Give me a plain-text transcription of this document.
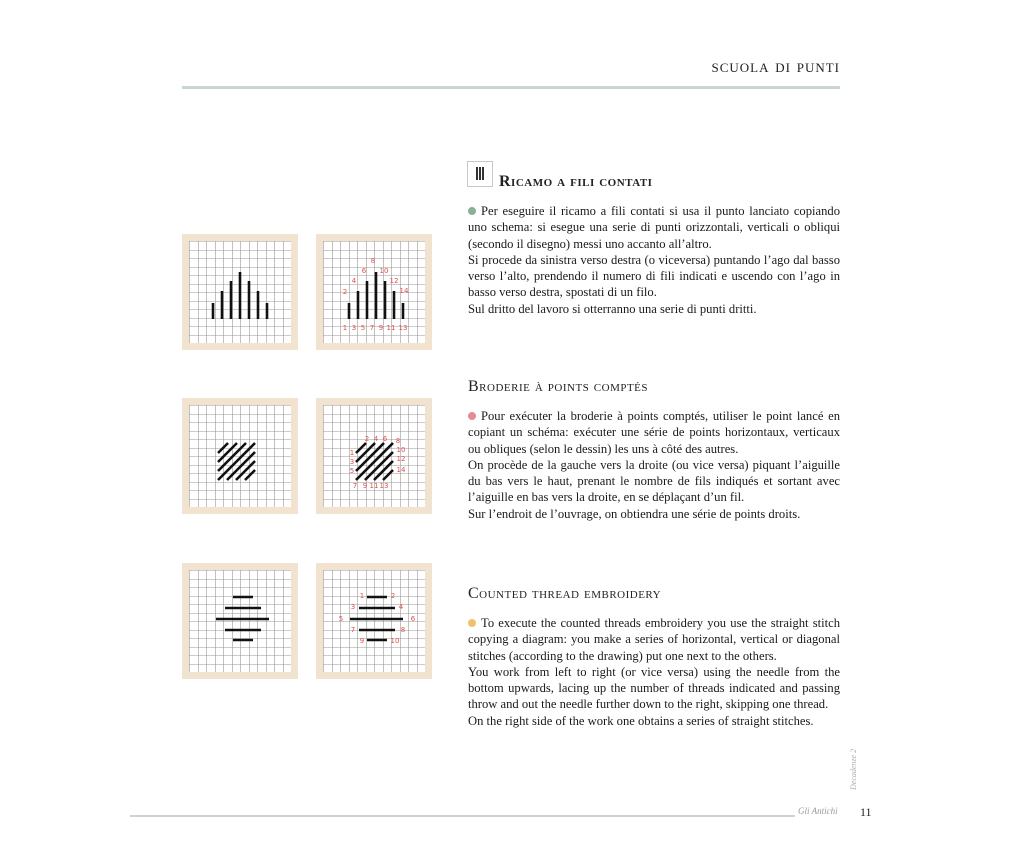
scuola di punti
Ricamo a fili contati

Per eseguire il ricamo a fili contati si usa il punto lanciato copiando uno schema: si esegue una serie di punti orizzontali, verticali o obliqui (secondo il disegno) messi uno accanto all’altro.

Si procede da sinistra verso destra (o viceversa) puntando l’ago dal basso verso l’alto, prendendo il numero di fili indicati e uscendo con l’ago in basso verso destra, spostati di un filo.

Sul dritto del lavoro si otterranno una serie di punti dritti.

Broderie à points comptés

Pour exécuter la broderie à points comptés, utiliser le point lancé en copiant un schéma: exécuter une série de points horizontaux, verticaux ou obliques (selon le dessin) les uns à côté des autres.

On procède de la gauche vers la droite (ou vice versa) piquant l’aiguille du bas vers le haut, prenant le nombre de fils indiqués et sortant avec l’aiguille en bas vers la droite, en se déplaçant d’un fil.

Sur l’endroit de l’ouvrage, on obtiendra une série de points droits.

Counted thread embroidery

To execute the counted threads embroidery you use the straight stitch copying a diagram: you make a series of horizontal, vertical or diagonal stitches (according to the drawing) put one next to the others.

You work from left to right (or vice versa) using the needle from the bottom upwards, lacing up the number of threads indicated and passing throw and out the needle further down to the right, skipping one thread.

On the right side of the work one obtains a series of straight stitches.

1 3 5 7 9 11 13
2
4
6
8
10
12
14
7 9 11 13
1
3
5
2 4 6 8
10
12
14
1	2
3	4
5	6
7	8
9	10
Gli Antichi
Decadenze 2
11
